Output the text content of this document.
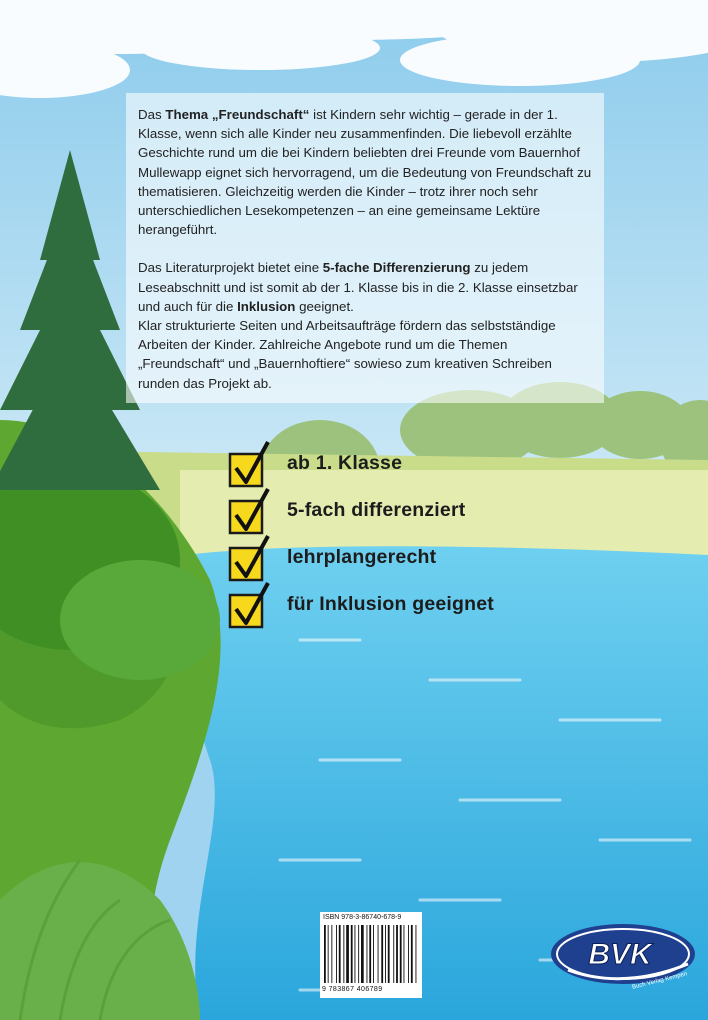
Das Thema „Freundschaft“ ist Kindern sehr wichtig – gerade in der 1. Klasse, wenn sich alle Kinder neu zusammenfinden. Die liebevoll erzählte Geschichte rund um die bei Kindern beliebten drei Freunde vom Bauernhof Mullewapp eignet sich hervorragend, um die Bedeutung von Freundschaft zu thematisieren. Gleichzeitig werden die Kinder – trotz ihrer noch sehr unterschiedlichen Lesekompetenzen – an eine gemeinsame Lektüre herangeführt.

Das Literaturprojekt bietet eine 5-fache Differenzierung zu jedem Leseabschnitt und ist somit ab der 1. Klasse bis in die 2. Klasse einsetzbar und auch für die Inklusion geeignet.
Klar strukturierte Seiten und Arbeitsaufträge fördern das selbstständige Arbeiten der Kinder. Zahlreiche Angebote rund um die Themen „Freundschaft“ und „Bauernhoftiere“ sowieso zum kreativen Schreiben runden das Projekt ab.

ab 1. Klasse
5-fach differenziert
lehrplangerecht
für Inklusion geeignet
ISBN 978-3-86740-678-9
9 783867 406789
BVK
Buch Verlag Kempen
